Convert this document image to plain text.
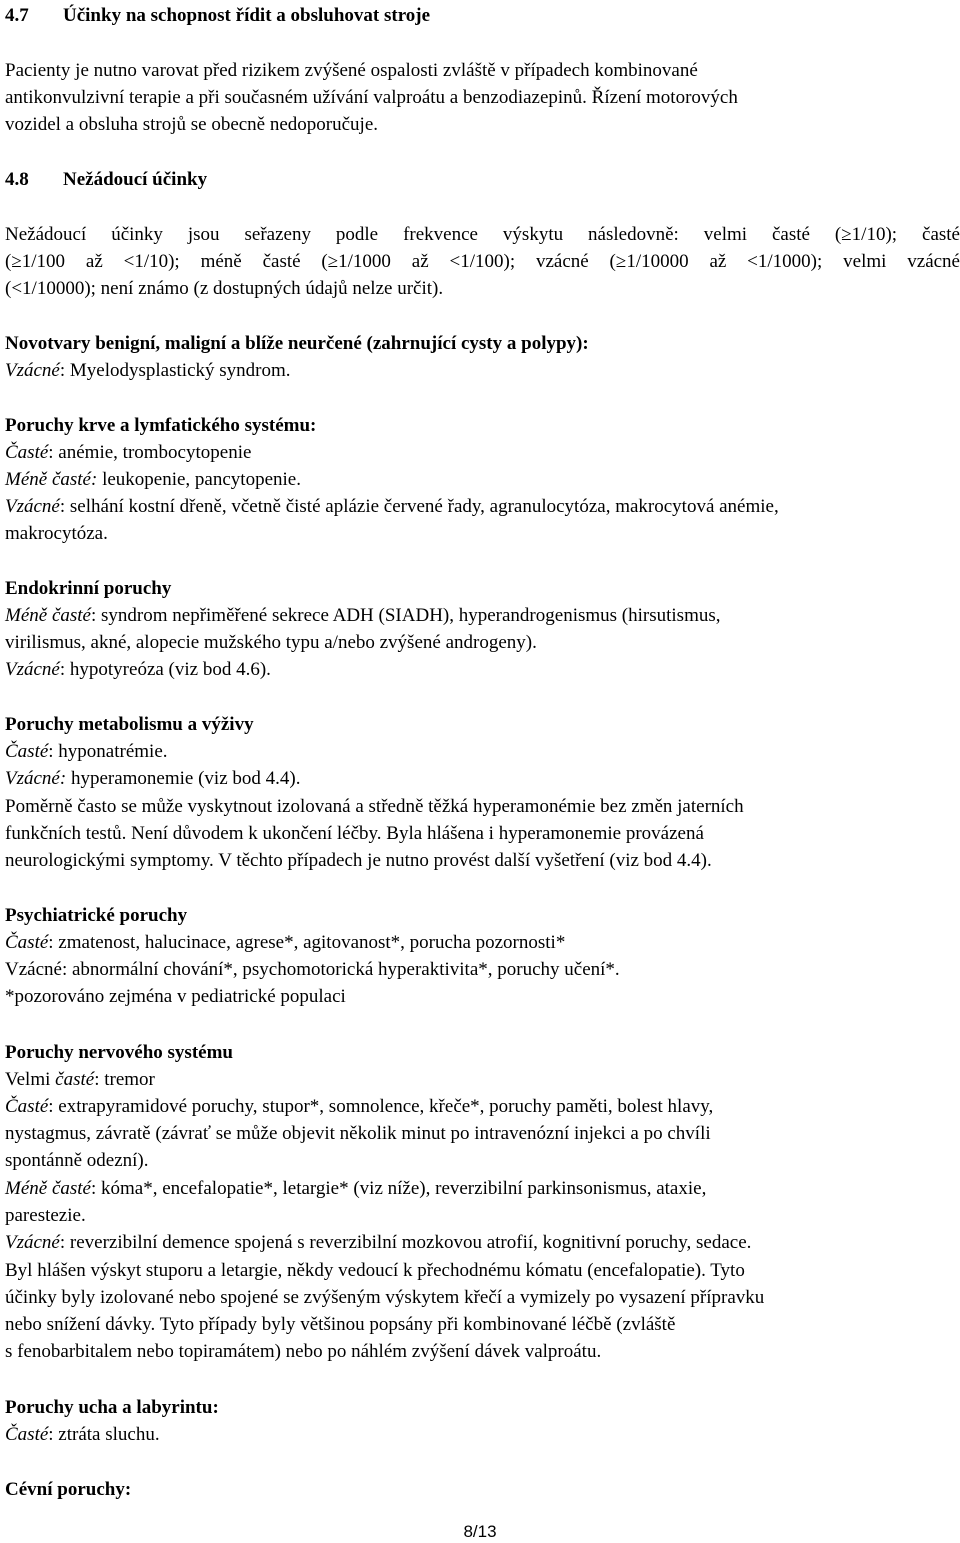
4.7 Účinky na schopnost řídit a obsluhovat stroje
Pacienty je nutno varovat před rizikem zvýšené ospalosti zvláště v případech kombinované
antikonvulzivní terapie a při současném užívání valproátu a benzodiazepinů. Řízení motorových
vozidel a obsluha strojů se obecně nedoporučuje.
4.8 Nežádoucí účinky
Nežádoucí účinky jsou seřazeny podle frekvence výskytu následovně: velmi časté (≥1/10); časté
(≥1/100 až <1/10); méně časté (≥1/1000 až <1/100); vzácné (≥1/10000 až <1/1000); velmi vzácné
(<1/10000); není známo (z dostupných údajů nelze určit).
Novotvary benigní, maligní a blíže neurčené (zahrnující cysty a polypy):
Vzácné: Myelodysplastický syndrom.
Poruchy krve a lymfatického systému:
Časté: anémie, trombocytopenie
Méně časté: leukopenie, pancytopenie.
Vzácné: selhání kostní dřeně, včetně čisté aplázie červené řady, agranulocytóza, makrocytová anémie,
makrocytóza.
Endokrinní poruchy
Méně časté: syndrom nepřiměřené sekrece ADH (SIADH), hyperandrogenismus (hirsutismus,
virilismus, akné, alopecie mužského typu a/nebo zvýšené androgeny).
Vzácné: hypotyreóza (viz bod 4.6).
Poruchy metabolismu a výživy
Časté: hyponatrémie.
Vzácné: hyperamonemie (viz bod 4.4).
Poměrně často se může vyskytnout izolovaná a středně těžká hyperamonémie bez změn jaterních
funkčních testů. Není důvodem k ukončení léčby. Byla hlášena i hyperamonemie provázená
neurologickými symptomy. V těchto případech je nutno provést další vyšetření (viz bod 4.4).
Psychiatrické poruchy
Časté: zmatenost, halucinace, agrese*, agitovanost*, porucha pozornosti*
Vzácné: abnormální chování*, psychomotorická hyperaktivita*, poruchy učení*.
*pozorováno zejména v pediatrické populaci
Poruchy nervového systému
Velmi časté: tremor
Časté: extrapyramidové poruchy, stupor*, somnolence, křeče*, poruchy paměti, bolest hlavy,
nystagmus, závratě (závrať se může objevit několik minut po intravenózní injekci a po chvíli
spontánně odezní).
Méně časté: kóma*, encefalopatie*, letargie* (viz níže), reverzibilní parkinsonismus, ataxie,
parestezie.
Vzácné: reverzibilní demence spojená s reverzibilní mozkovou atrofií, kognitivní poruchy, sedace.
Byl hlášen výskyt stuporu a letargie, někdy vedoucí k přechodnému kómatu (encefalopatie). Tyto
účinky byly izolované nebo spojené se zvýšeným výskytem křečí a vymizely po vysazení přípravku
nebo snížení dávky. Tyto případy byly většinou popsány při kombinované léčbě (zvláště
s fenobarbitalem nebo topiramátem) nebo po náhlém zvýšení dávek valproátu.
Poruchy ucha a labyrintu:
Časté: ztráta sluchu.
Cévní poruchy:
8/13
